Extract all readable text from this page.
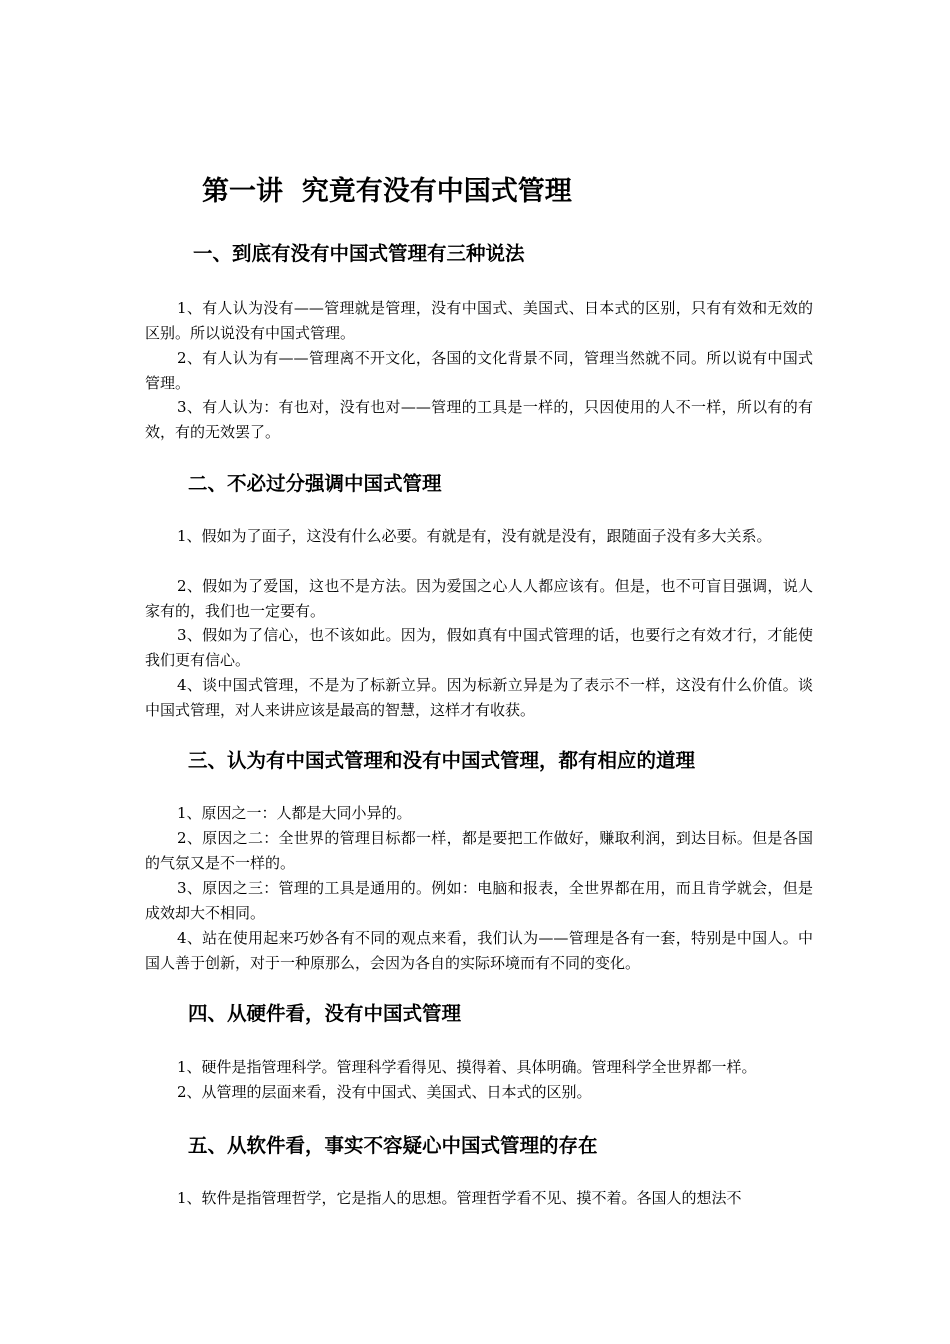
第一讲  究竟有没有中国式管理
一、到底有没有中国式管理有三种说法

1、有人认为没有——管理就是管理，没有中国式、美国式、日本式的区别，只有有效和无效的区别。所以说没有中国式管理。

2、有人认为有——管理离不开文化，各国的文化背景不同，管理当然就不同。所以说有中国式管理。

3、有人认为：有也对，没有也对——管理的工具是一样的，只因使用的人不一样，所以有的有效，有的无效罢了。

二、不必过分强调中国式管理

1、假如为了面子，这没有什么必要。有就是有，没有就是没有，跟随面子没有多大关系。

2、假如为了爱国，这也不是方法。因为爱国之心人人都应该有。但是，也不可盲目强调，说人家有的，我们也一定要有。

3、假如为了信心，也不该如此。因为，假如真有中国式管理的话，也要行之有效才行，才能使我们更有信心。

4、谈中国式管理，不是为了标新立异。因为标新立异是为了表示不一样，这没有什么价值。谈中国式管理，对人来讲应该是最高的智慧，这样才有收获。

三、认为有中国式管理和没有中国式管理，都有相应的道理

1、原因之一：人都是大同小异的。

2、原因之二：全世界的管理目标都一样，都是要把工作做好，赚取利润，到达目标。但是各国的气氛又是不一样的。

3、原因之三：管理的工具是通用的。例如：电脑和报表，全世界都在用，而且肯学就会，但是成效却大不相同。

4、站在使用起来巧妙各有不同的观点来看，我们认为——管理是各有一套，特别是中国人。中国人善于创新，对于一种原那么，会因为各自的实际环境而有不同的变化。

四、从硬件看，没有中国式管理

1、硬件是指管理科学。管理科学看得见、摸得着、具体明确。管理科学全世界都一样。

2、从管理的层面来看，没有中国式、美国式、日本式的区别。

五、从软件看，事实不容疑心中国式管理的存在

1、软件是指管理哲学，它是指人的思想。管理哲学看不见、摸不着。各国人的想法不
